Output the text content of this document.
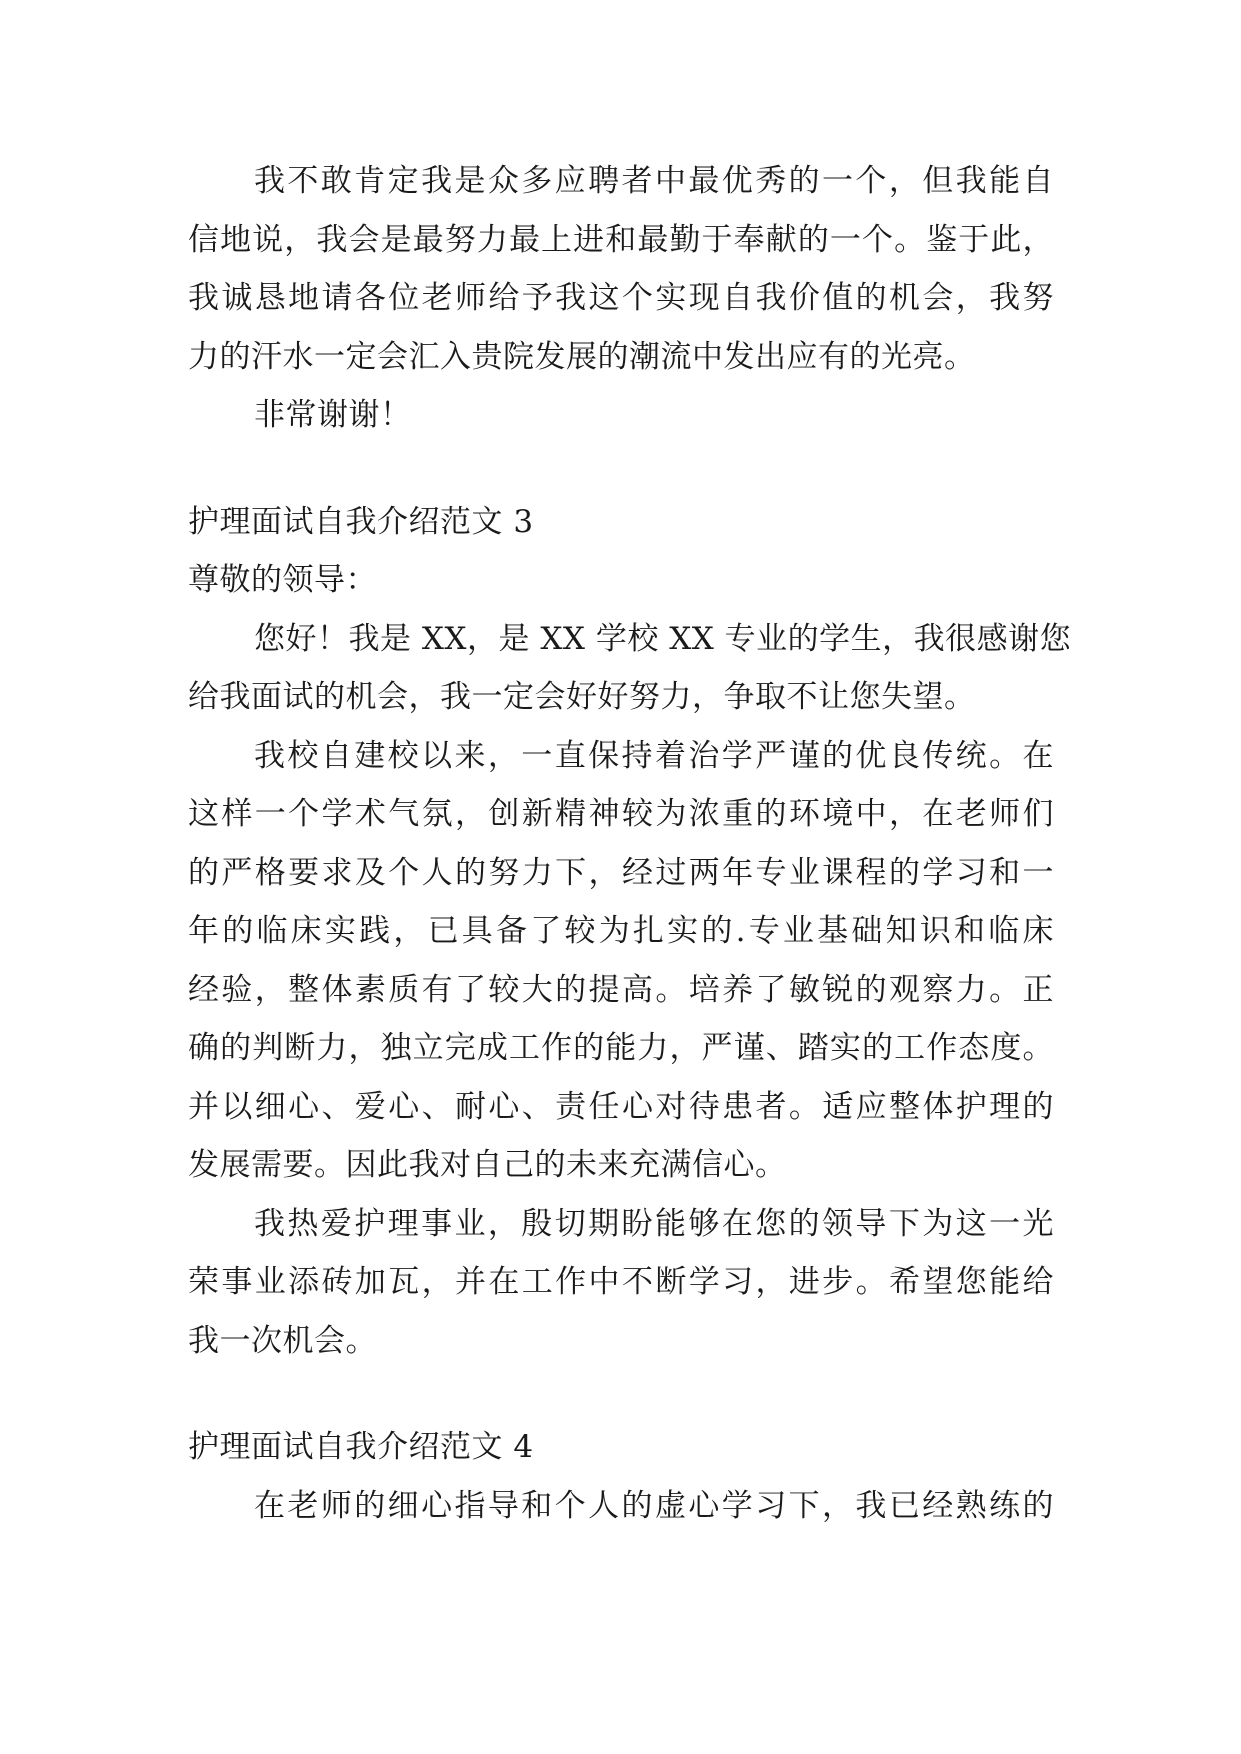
我不敢肯定我是众多应聘者中最优秀的一个，但我能自
信地说，我会是最努力最上进和最勤于奉献的一个。鉴于此，
我诚恳地请各位老师给予我这个实现自我价值的机会，我努
力的汗水一定会汇入贵院发展的潮流中发出应有的光亮。
非常谢谢！
护理面试自我介绍范文 3
尊敬的领导：
您好！我是 XX，是 XX 学校 XX 专业的学生，我很感谢您
给我面试的机会，我一定会好好努力，争取不让您失望。
我校自建校以来，一直保持着治学严谨的优良传统。在
这样一个学术气氛，创新精神较为浓重的环境中，在老师们
的严格要求及个人的努力下，经过两年专业课程的学习和一
年的临床实践，已具备了较为扎实的.专业基础知识和临床
经验，整体素质有了较大的提高。培养了敏锐的观察力。正
确的判断力，独立完成工作的能力，严谨、踏实的工作态度。
并以细心、爱心、耐心、责任心对待患者。适应整体护理的
发展需要。因此我对自己的未来充满信心。
我热爱护理事业，殷切期盼能够在您的领导下为这一光
荣事业添砖加瓦，并在工作中不断学习，进步。希望您能给
我一次机会。
护理面试自我介绍范文 4
在老师的细心指导和个人的虚心学习下，我已经熟练的
